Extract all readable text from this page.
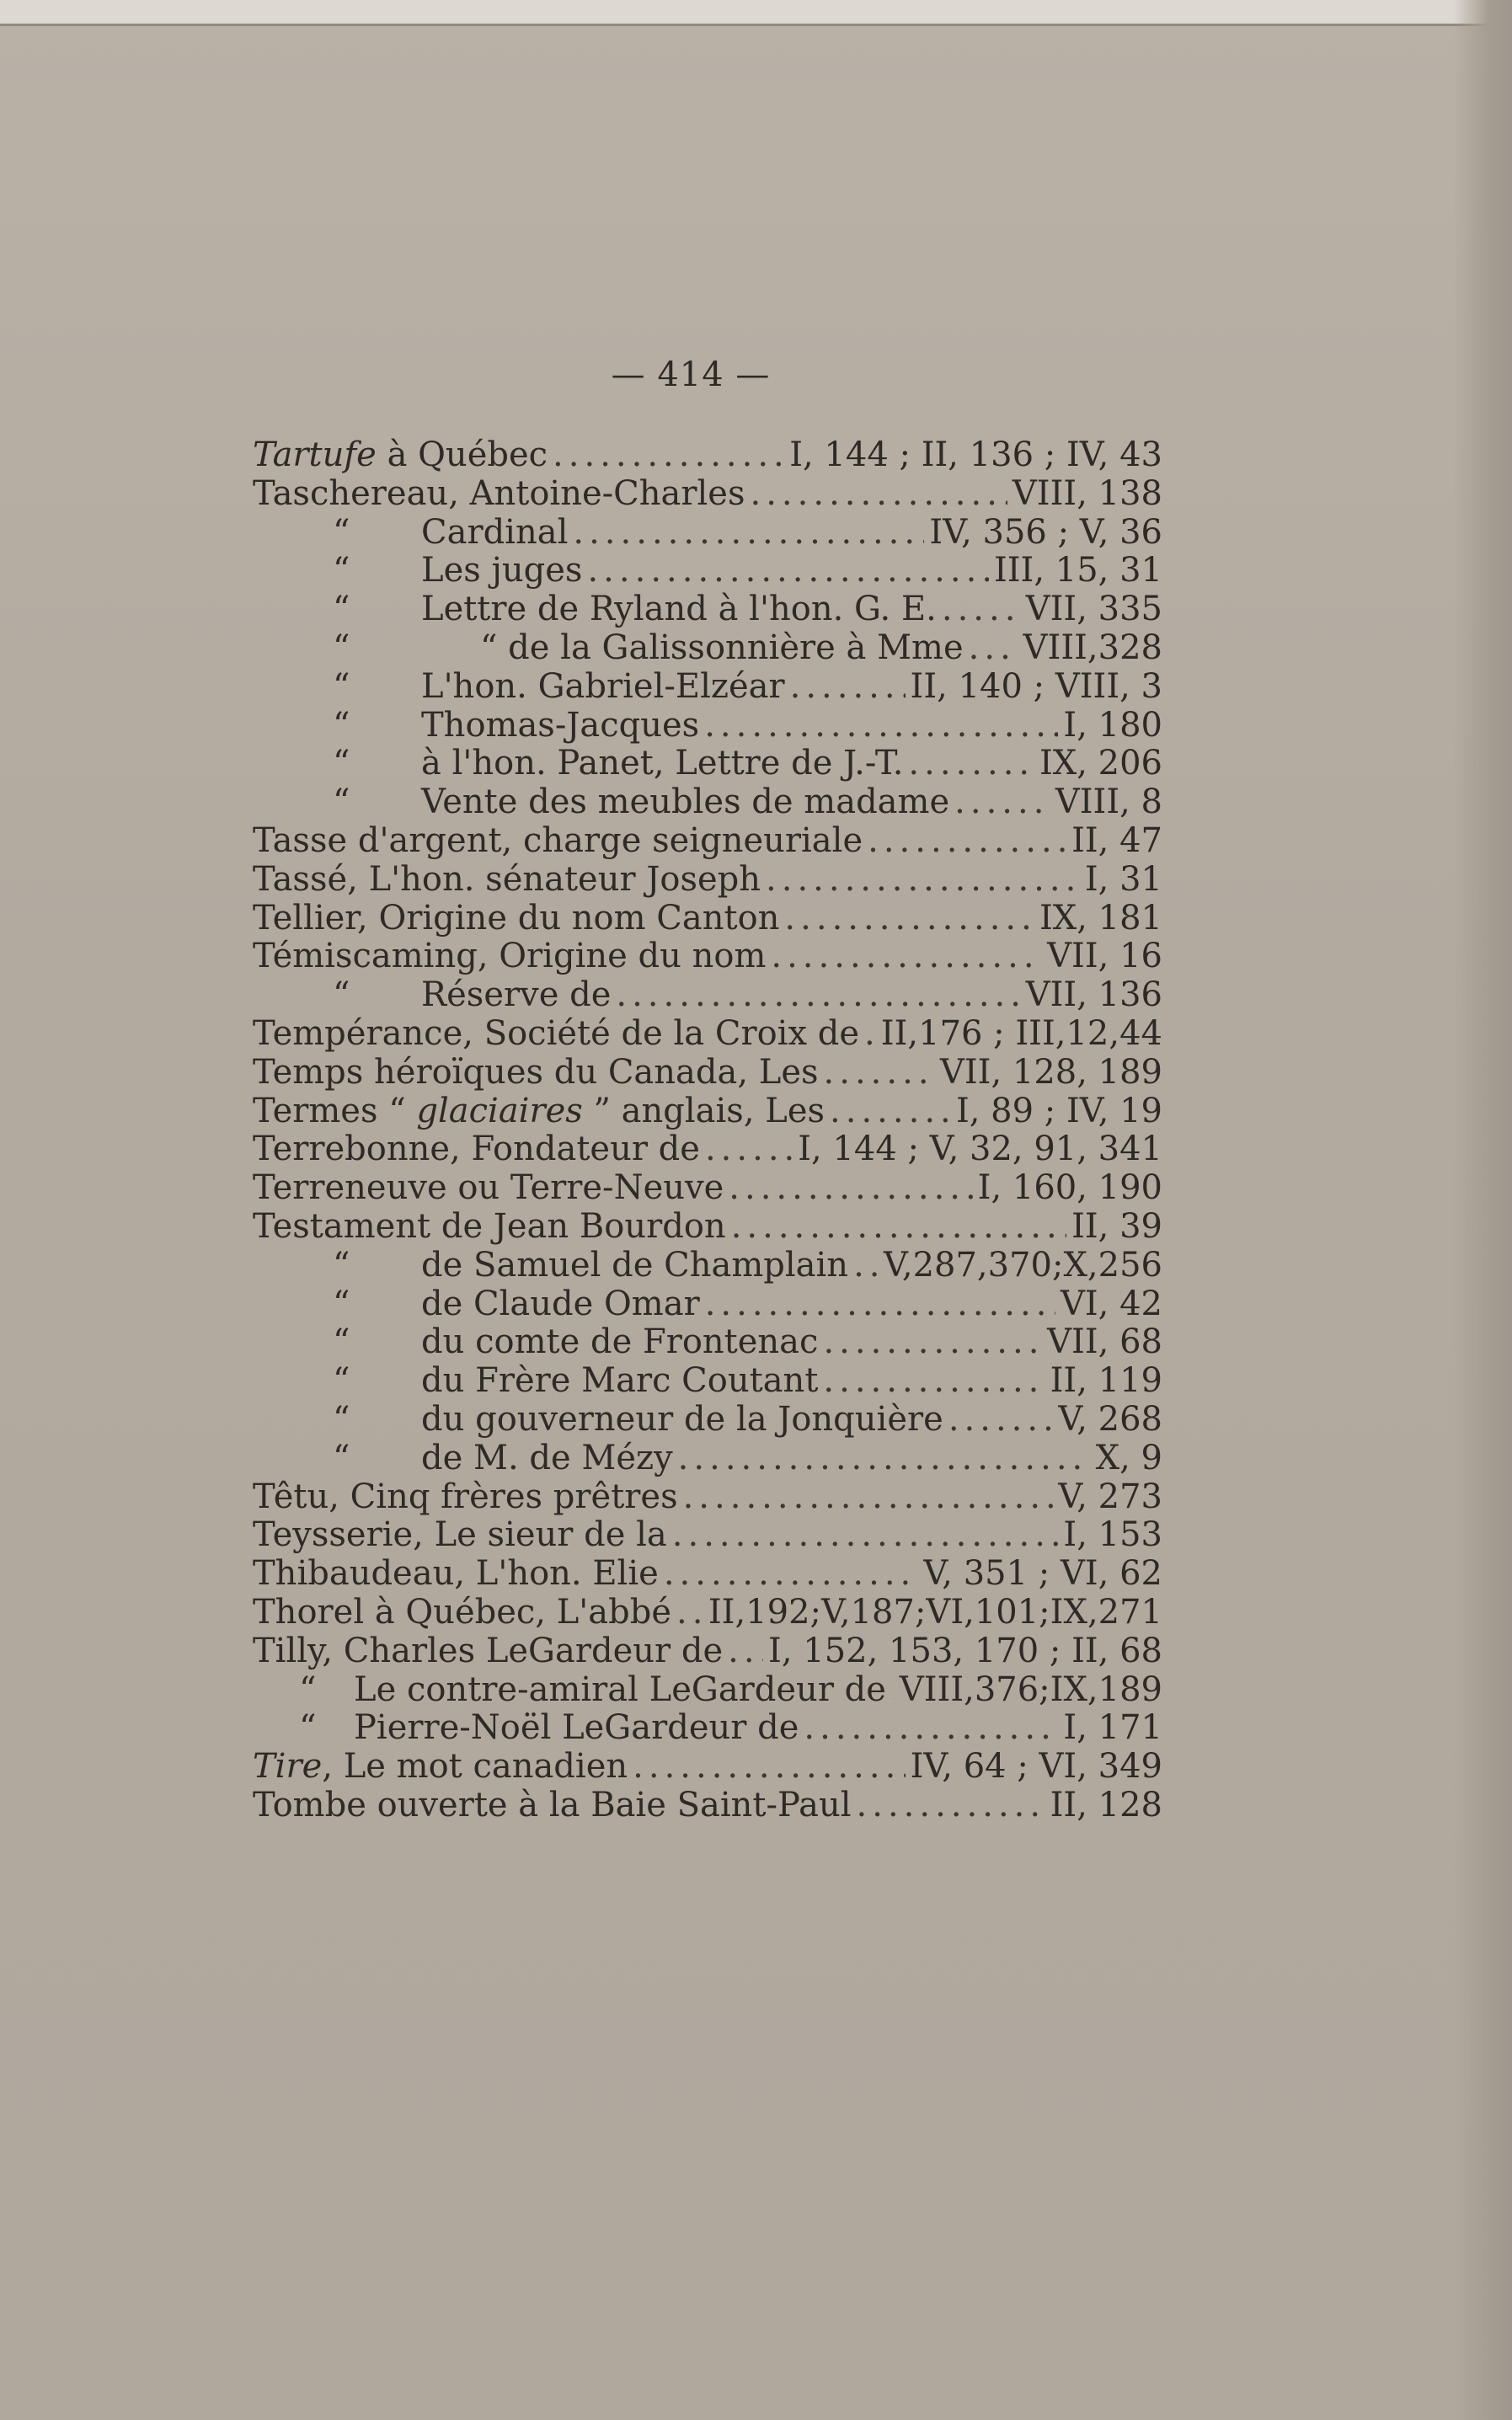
— 414 —
Tartufe à Québec .....	I, 144 ; II, 136 ; IV, 43
Taschereau, Antoine-Charles .....	VIII, 138
“ Cardinal .....	IV, 356 ; V, 36
“ Les juges .....	III, 15, 31
“ Lettre de Ryland à l'hon. G. E. .....	VII, 335
“	“ de la Galissonnière à Mme ..... VIII,328
“ L'hon. Gabriel-Elzéar .....	II, 140 ; VIII, 3
“ Thomas-Jacques .....	I, 180
“ à l'hon. Panet, Lettre de J.-T. .....	IX, 206
“ Vente des meubles de madame .....	VIII, 8
Tasse d'argent, charge seigneuriale .....	II, 47
Tassé, L'hon. sénateur Joseph .....	I, 31
Tellier, Origine du nom Canton .....	IX, 181
Témiscaming, Origine du nom .....	VII, 16
“ Réserve de .....	VII, 136
Tempérance, Société de la Croix de ..... II,176 ; III,12,44
Temps héroïques du Canada, Les .....	VII, 128, 189
Termes “ glaciaires ” anglais, Les .....	I, 89 ; IV, 19
Terrebonne, Fondateur de .....	I, 144 ; V, 32, 91, 341
Terreneuve ou Terre-Neuve .....	I, 160, 190
Testament de Jean Bourdon .....	II, 39
“ de Samuel de Champlain ..... V,287,370;X,256
“ de Claude Omar .....	VI, 42
“ du comte de Frontenac .....	VII, 68
“ du Frère Marc Coutant .....	II, 119
“ du gouverneur de la Jonquière .....	V, 268
“ de M. de Mézy .....	X, 9
Têtu, Cinq frères prêtres .....	V, 273
Teysserie, Le sieur de la .....	I, 153
Thibaudeau, L'hon. Elie .....	V, 351 ; VI, 62
Thorel à Québec, L'abbé ..... II,192;V,187;VI,101;IX,271
Tilly, Charles LeGardeur de ..... I, 152, 153, 170 ; II, 68
“ Le contre-amiral LeGardeur de ..... VIII,376;IX,189
“ Pierre-Noël LeGardeur de .....	I, 171
Tire, Le mot canadien .....	IV, 64 ; VI, 349
Tombe ouverte à la Baie Saint-Paul .....	II, 128
